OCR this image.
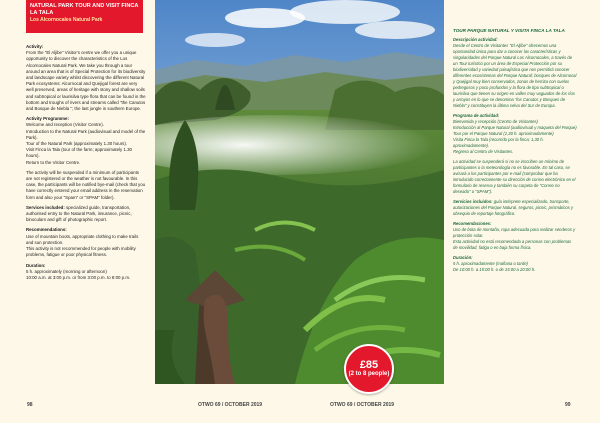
NATURAL PARK TOUR AND VISIT FINCA LA TALA
Los Alcornocales Natural Park

Activity:
From the "El Aljibe" Visitor's centre we offer you a unique opportunity to discover the characteristics of the Los Alcornocales Natural Park. We take you through a tour around an area that is of Special Protection for its biodiversity and landscape variety whilst discovering the different Natural Park ecosystems: Alcornocal and Quejigal forest are very well preserved, areas of heritage with stony and shallow soils and subtropical or laurisilva type flora that can be found in the bottom and troughs of rivers and streams called "the Canutos and Bosque de Niebla "; the last jungle in southern Europe.

Activity Programme:
Welcome and reception (Visitor Centre).
Introduction to the Natural Park (audiovisual and model of the Park).
Tour of the Natural Park (approximately 1.30 hours).
Visit Finca la Tala (tour of the farm; approximately 1.30 hours).
Return to the Visitor Centre.

The activity will be suspended if a minimum of participants are not registered or the weather is not favourable. In this case, the participants will be notified bye-mail (check that you have correctly entered your email address in the reservation form and also your "Spam" or "SPAM" folder).

Services included: specialized guide, transportation, authorised entry to the Natural Park, insurance, picnic, binoculars and gift of photographic report.

Recommendations:
Use of mountain boots, appropriate clothing to make trails and sun protection.
This activity is not recommended for people with mobility problems, fatigue or poor physical fitness.

Duration:
5 h. approximately (morning or afternoon)
10:00 a.m. at 3:00 p.m. or from 3:00 p.m. to 8:00 p.m.

£85
(2 to 8 people)
TOUR PARQUE NATURAL Y VISITA FINCA LA TALA

Descripción actividad:
Desde el Centro de Visitantes "El Aljibe" ofrecemos una oportunidad única para dar a conocer las características y singularidades del Parque Natural Los Alcornocales, a través de un Tour turístico por un área de Especial Protección por su biodiversidad y variedad paisajística que nos permitirá conocer diferentes ecosistemas del Parque Natural: bosques de Alcornocal y Quejigal muy bien conservados, zonas de herriza con suelos pedregosos y poco profundos y la flora de tipo subtropical o laurisilva que tienen su origen en valles muy vaguados de los ríos y arroyos en lo que se denomina "los Canutos y Bosques de Niebla" y constituyen la última selva del Sur de Europa.

Programa de actividad:
Bienvenida y recepción (Centro de Visitantes)
Introducción al Parque Natural (audiovisual y maqueta del Parque)
Tour por el Parque Natural (1,30 h. aproximadamente)
Visita Finca la Tala (recorrido por la finca; 1,30 h. aproximadamente).
Regreso al Centro de Visitantes.

La actividad se suspenderá si no se inscriben un mínimo de participantes o la meteorología no es favorable. En tal caso, se avisará a los participantes por e-mail (comprobar que ha introducido correctamente su dirección de correo electrónico en el formulario de reserva y también su carpeta de "Correo no deseado" o "SPAM").

Servicios incluidos: guía intérprete especializado, transporte, autorizaciones del Parque Natural, seguros, picnic, prismáticos y obsequio de reportaje fotográfico.

Recomendaciones:
Uso de bota de montaña, ropa adecuada para realizar senderos y protección solar.
Esta actividad no está recomendada a personas con problemas de movilidad, fatiga o en baja forma física.

Duración:
5 h. aproximadamente (mañana o tarde)
De 10:00 h. a 15:00 h. o de 15:00 a 20:00 h.

98	OTWO 69 / OCTOBER 2019	OTWO 69 / OCTOBER 2019	99
